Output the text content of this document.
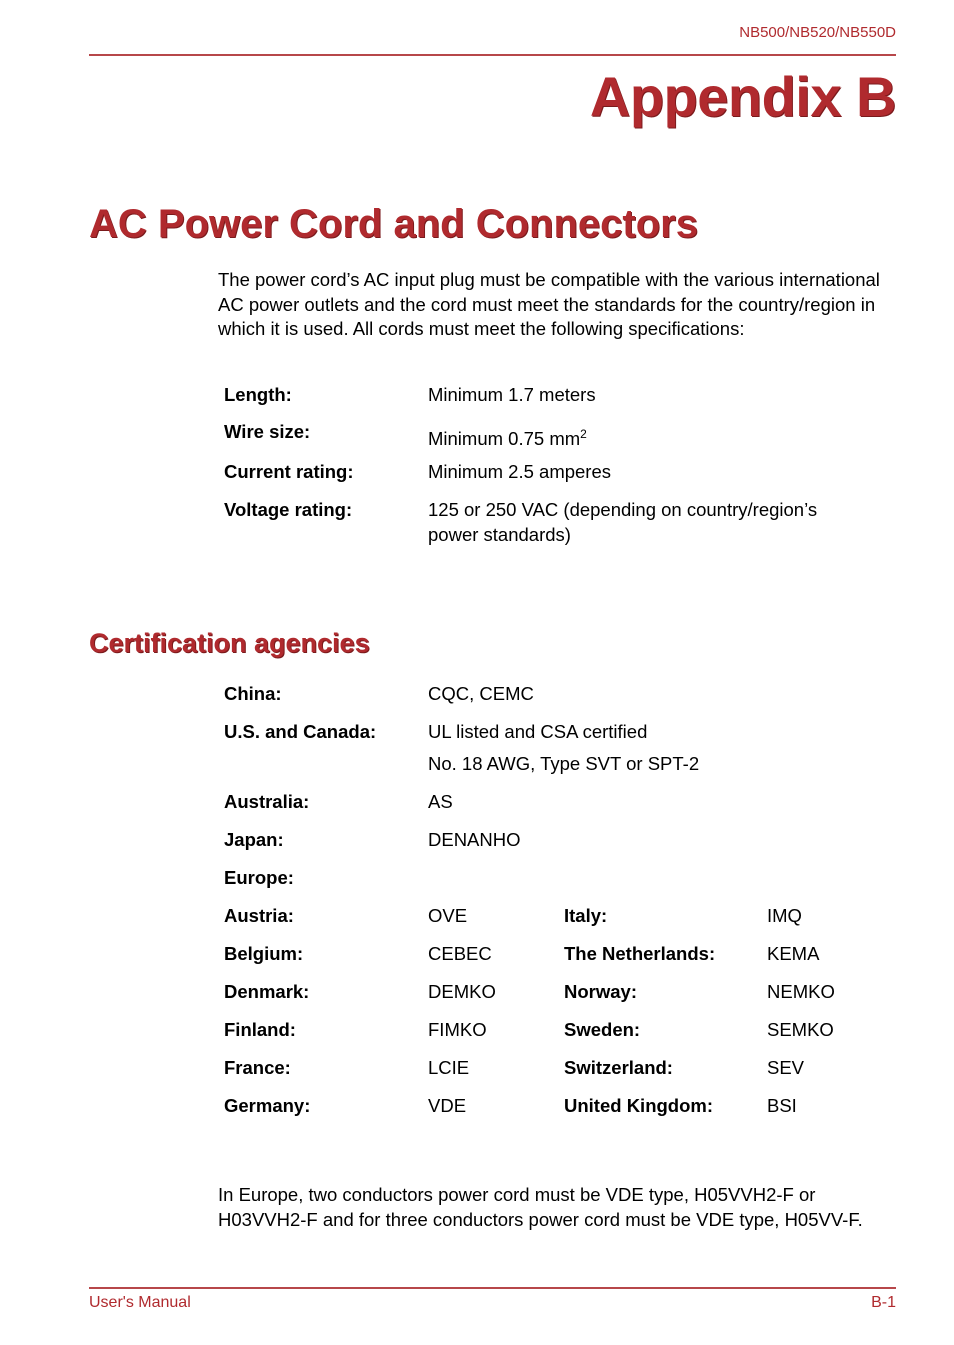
NB500/NB520/NB550D
Appendix B
AC Power Cord and Connectors

The power cord’s AC input plug must be compatible with the various international AC power outlets and the cord must meet the standards for the country/region in which it is used. All cords must meet the following specifications:

Length:	Minimum 1.7 meters
Wire size:	Minimum 0.75 $mm^2$
Current rating:	Minimum 2.5 amperes
Voltage rating:	125 or 250 VAC (depending on country/region’s
power standards)
Certification agencies
China:	CQC, CEMC
U.S. and Canada:	UL listed and CSA certified
No. 18 AWG, Type SVT or SPT-2
Australia:	AS
Japan:	DENANHO
Europe:
Austria:	OVE	Italy:	IMQ
Belgium:	CEBEC	The Netherlands:	KEMA
Denmark:	DEMKO	Norway:	NEMKO
Finland:	FIMKO	Sweden:	SEMKO
France:	LCIE	Switzerland:	SEV
Germany:	VDE	United Kingdom:	BSI

In Europe, two conductors power cord must be VDE type, H05VVH2-F or H03VVH2-F and for three conductors power cord must be VDE type, H05VV-F.

User's Manual	B-1
